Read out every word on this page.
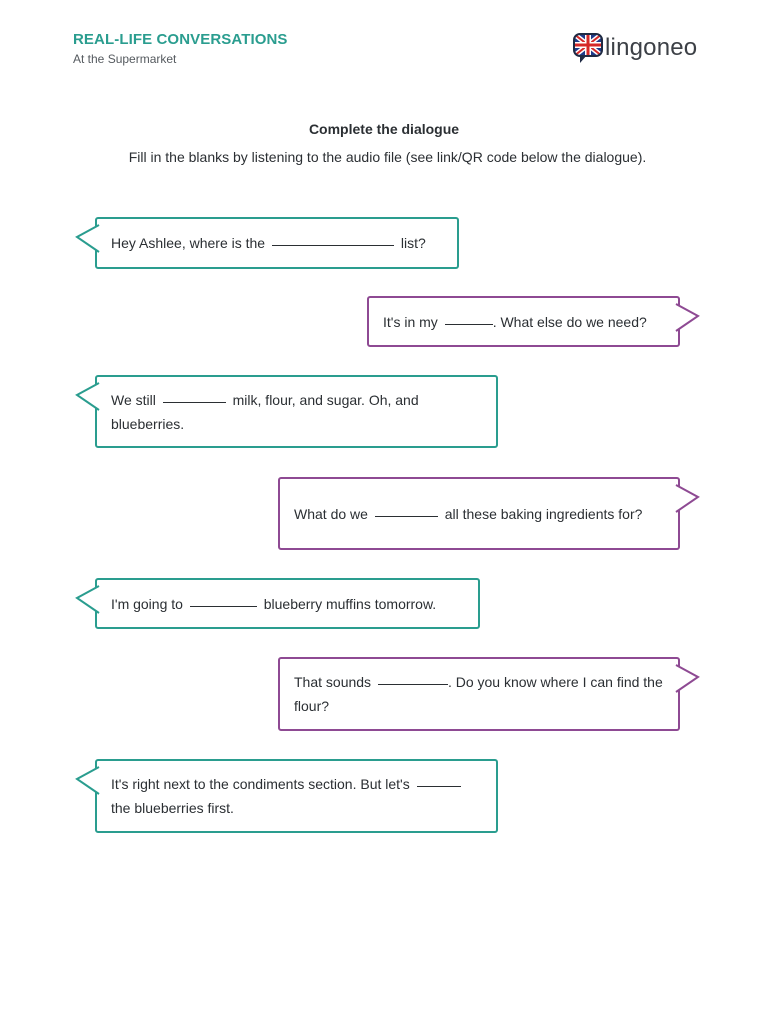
REAL-LIFE CONVERSATIONS
At the Supermarket	lingoneo
Complete the dialogue
Fill in the blanks by listening to the audio file (see link/QR code below the dialogue).
Hey Ashlee, where is the	list?
It's in my	. What else do we need?
We still	milk, flour, and sugar. Oh, and blueberries.
What do we	all these baking ingredients for?
I'm going to	blueberry muffins tomorrow.
That sounds	. Do you know where I can find the flour?
It's right next to the condiments section. But let's  the blueberries first.
